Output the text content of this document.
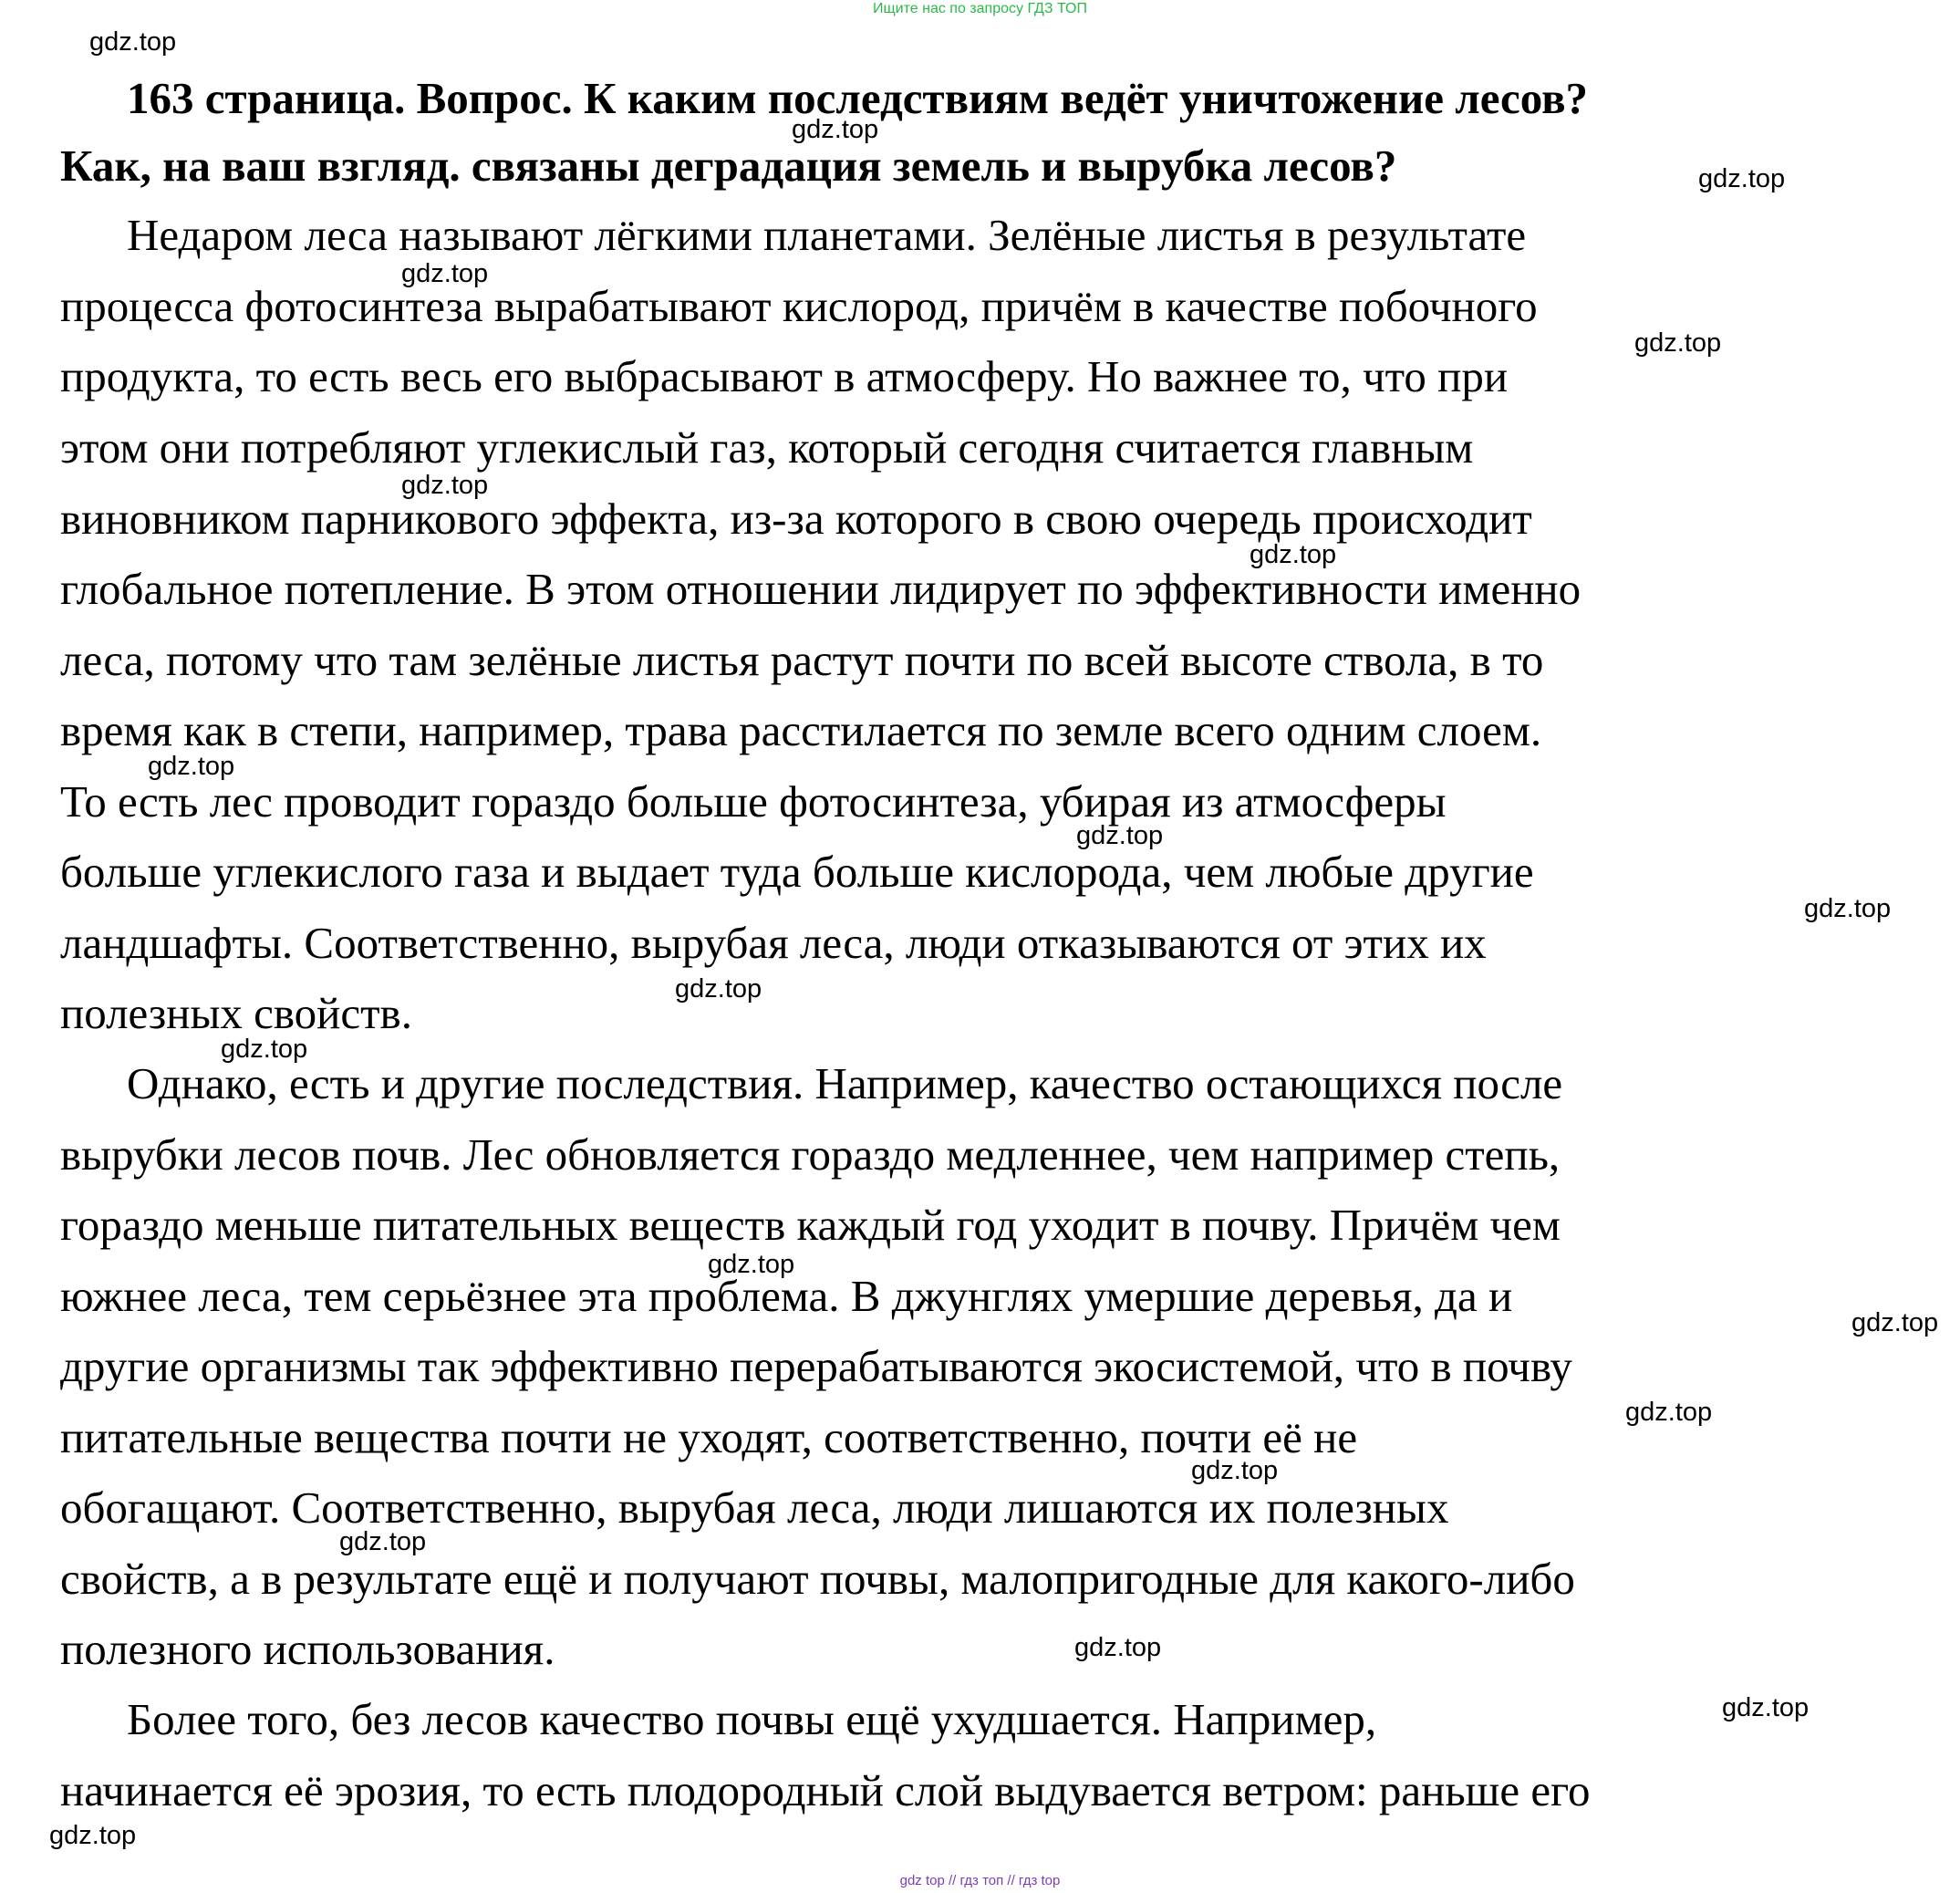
Ищите нас по запросу ГДЗ ТОП
163 страница. Вопрос. К каким последствиям ведёт уничтожение лесов?
Как, на ваш взгляд. связаны деградация земель и вырубка лесов?
Недаром леса называют лёгкими планетами. Зелёные листья в результате
процесса фотосинтеза вырабатывают кислород, причём в качестве побочного
продукта, то есть весь его выбрасывают в атмосферу. Но важнее то, что при
этом они потребляют углекислый газ, который сегодня считается главным
виновником парникового эффекта, из-за которого в свою очередь происходит
глобальное потепление. В этом отношении лидирует по эффективности именно
леса, потому что там зелёные листья растут почти по всей высоте ствола, в то
время как в степи, например, трава расстилается по земле всего одним слоем.
То есть лес проводит гораздо больше фотосинтеза, убирая из атмосферы
больше углекислого газа и выдает туда больше кислорода, чем любые другие
ландшафты. Соответственно, вырубая леса, люди отказываются от этих их
полезных свойств.
Однако, есть и другие последствия. Например, качество остающихся после
вырубки лесов почв. Лес обновляется гораздо медленнее, чем например степь,
гораздо меньше питательных веществ каждый год уходит в почву. Причём чем
южнее леса, тем серьёзнее эта проблема. В джунглях умершие деревья, да и
другие организмы так эффективно перерабатываются экосистемой, что в почву
питательные вещества почти не уходят, соответственно, почти её не
обогащают. Соответственно, вырубая леса, люди лишаются их полезных
свойств, а в результате ещё и получают почвы, малопригодные для какого-либо
полезного использования.
Более того, без лесов качество почвы ещё ухудшается. Например,
начинается её эрозия, то есть плодородный слой выдувается ветром: раньше его
gdz.top
gdz.top
gdz.top
gdz.top
gdz.top
gdz.top
gdz.top
gdz.top
gdz.top
gdz.top
gdz.top
gdz.top
gdz.top
gdz.top
gdz.top
gdz.top
gdz.top
gdz.top
gdz.top
gdz.top
gdz top // гдз топ // гдз top
